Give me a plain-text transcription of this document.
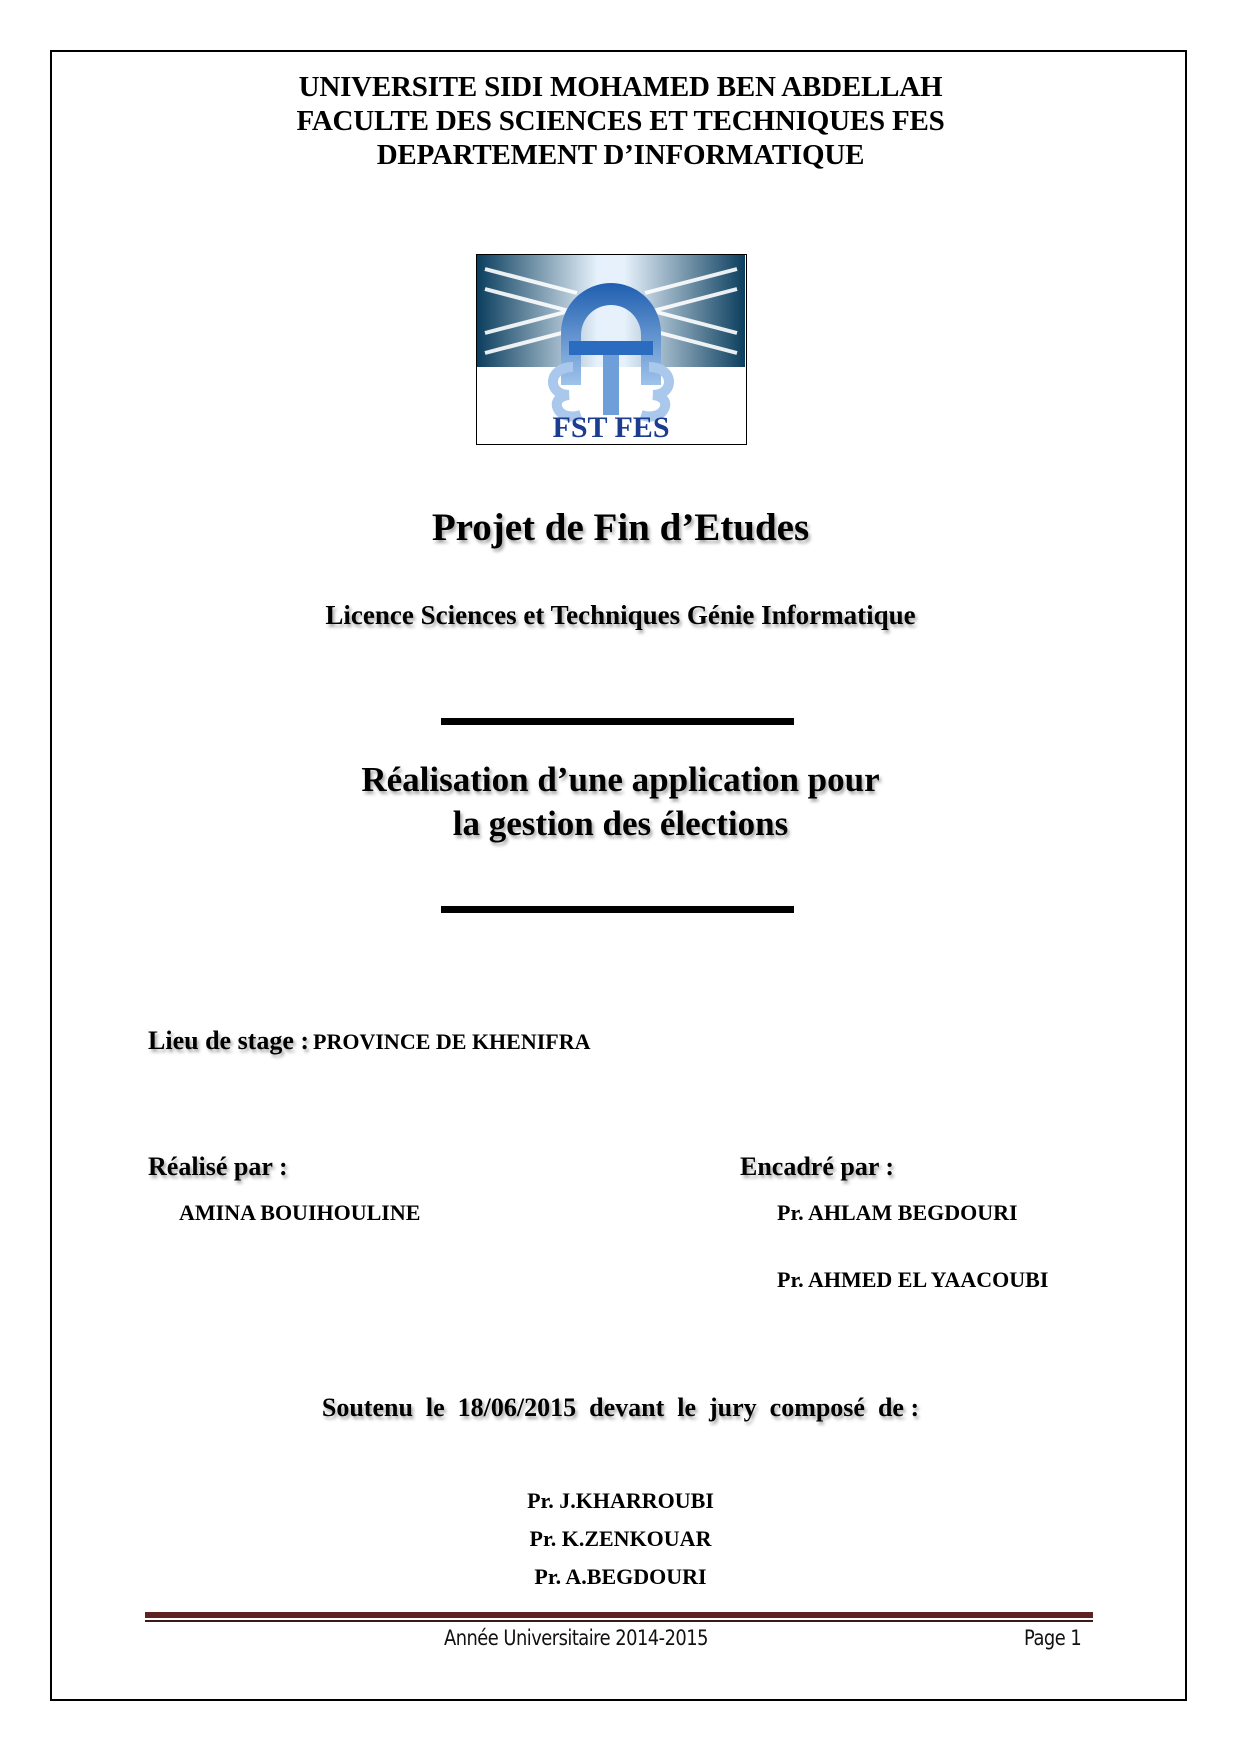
UNIVERSITE SIDI MOHAMED BEN ABDELLAH
FACULTE DES SCIENCES ET TECHNIQUES FES
DEPARTEMENT D’INFORMATIQUE
FST FES
Projet de Fin d’Etudes
Licence Sciences et Techniques Génie Informatique
Réalisation d’une application pour
la gestion des élections
Lieu de stage : PROVINCE DE KHENIFRA
Réalisé par :
AMINA BOUIHOULINE
Encadré par :
Pr. AHLAM BEGDOURI
Pr. AHMED EL YAACOUBI
Soutenu  le  18/06/2015  devant  le  jury  composé  de :
Pr. J.KHARROUBI
Pr. K.ZENKOUAR
Pr. A.BEGDOURI
Année Universitaire 2014-2015	Page 1
